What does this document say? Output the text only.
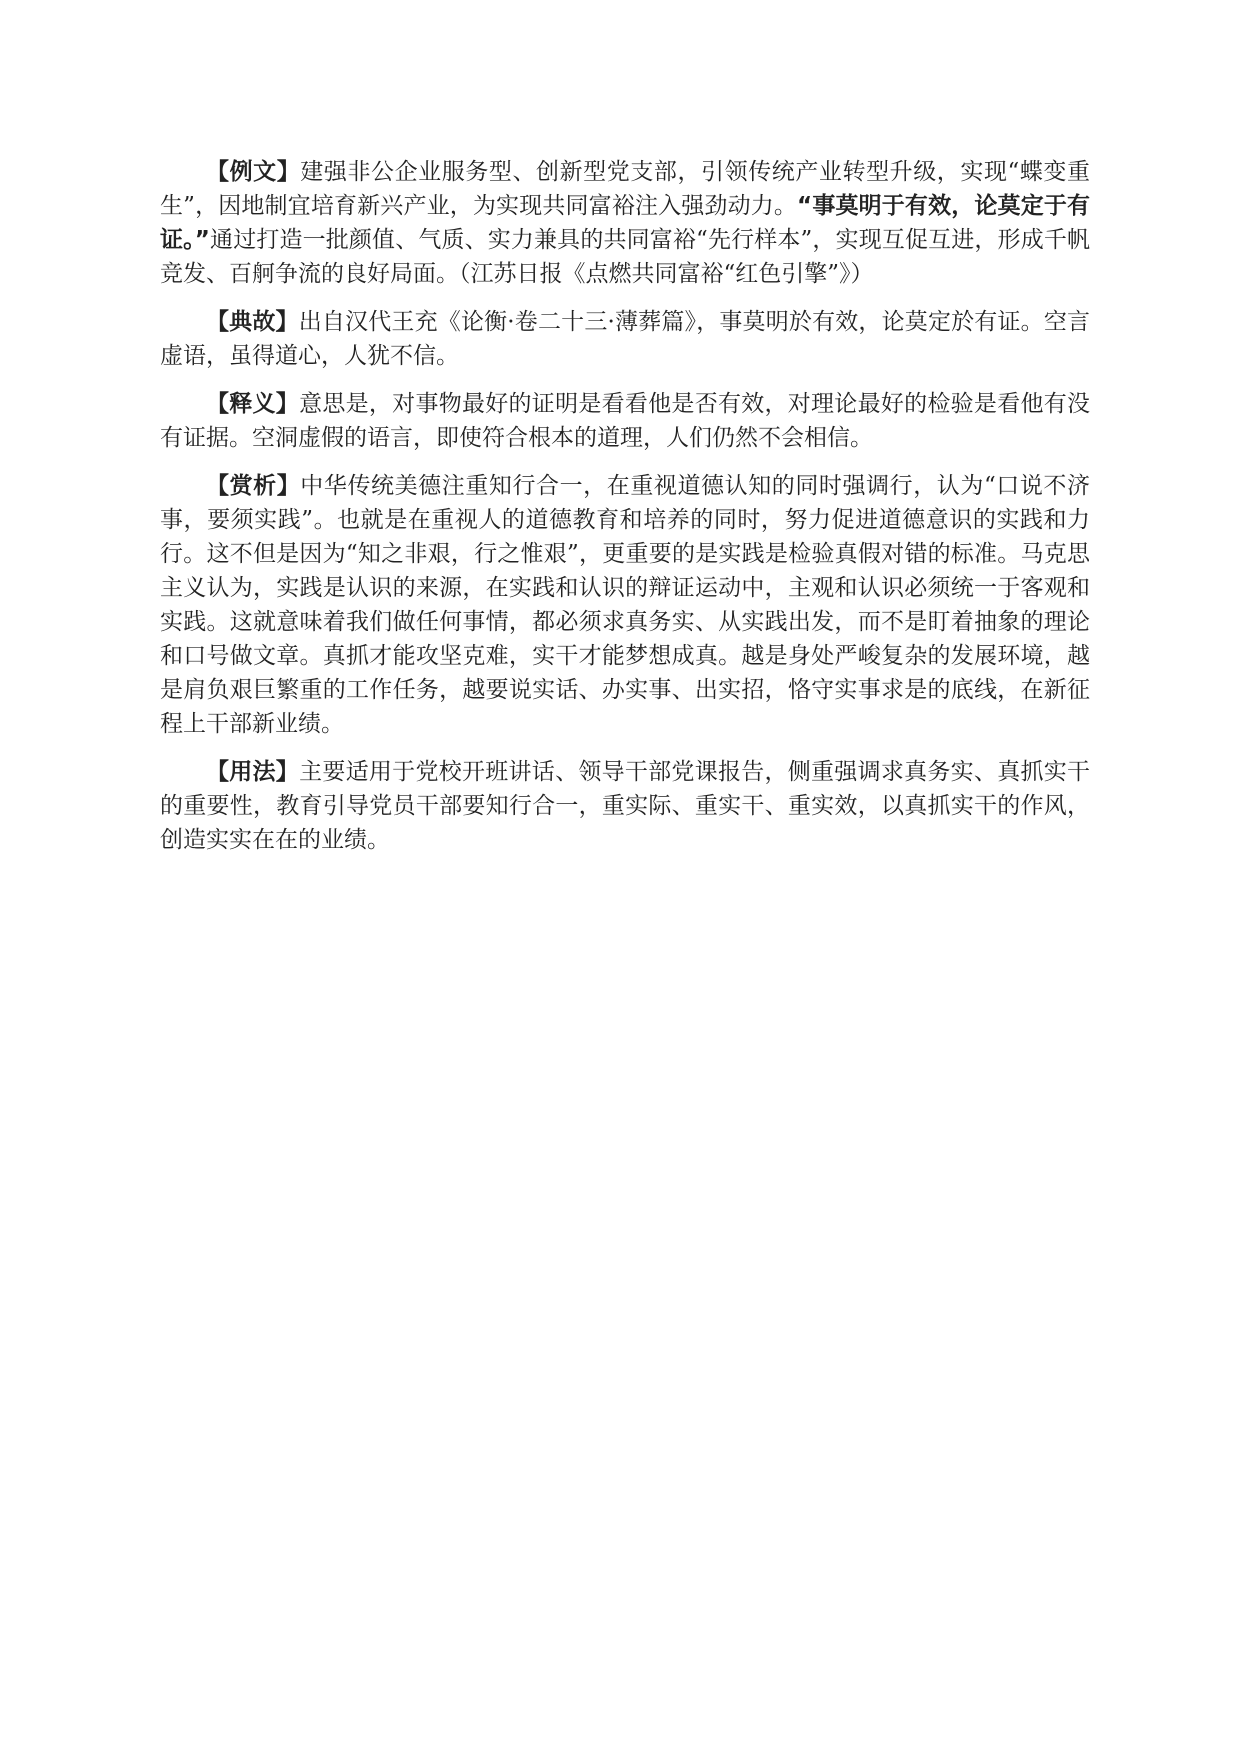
【例文】建强非公企业服务型、创新型党支部，引领传统产业转型升级，实现“蝶变重生”，因地制宜培育新兴产业，为实现共同富裕注入强劲动力。“事莫明于有效，论莫定于有证。”通过打造一批颜值、气质、实力兼具的共同富裕“先行样本”，实现互促互进，形成千帆竞发、百舸争流的良好局面。（江苏日报《点燃共同富裕“红色引擎”》）

【典故】出自汉代王充《论衡·卷二十三·薄葬篇》，事莫明於有效，论莫定於有证。空言虚语，虽得道心，人犹不信。

【释义】意思是，对事物最好的证明是看看他是否有效，对理论最好的检验是看他有没有证据。空洞虚假的语言，即使符合根本的道理，人们仍然不会相信。

【赏析】中华传统美德注重知行合一，在重视道德认知的同时强调行，认为“口说不济事，要须实践”。也就是在重视人的道德教育和培养的同时，努力促进道德意识的实践和力行。这不但是因为“知之非艰，行之惟艰”，更重要的是实践是检验真假对错的标准。马克思主义认为，实践是认识的来源，在实践和认识的辩证运动中，主观和认识必须统一于客观和实践。这就意味着我们做任何事情，都必须求真务实、从实践出发，而不是盯着抽象的理论和口号做文章。真抓才能攻坚克难，实干才能梦想成真。越是身处严峻复杂的发展环境，越是肩负艰巨繁重的工作任务，越要说实话、办实事、出实招，恪守实事求是的底线，在新征程上干部新业绩。

【用法】主要适用于党校开班讲话、领导干部党课报告，侧重强调求真务实、真抓实干的重要性，教育引导党员干部要知行合一，重实际、重实干、重实效，以真抓实干的作风，创造实实在在的业绩。
